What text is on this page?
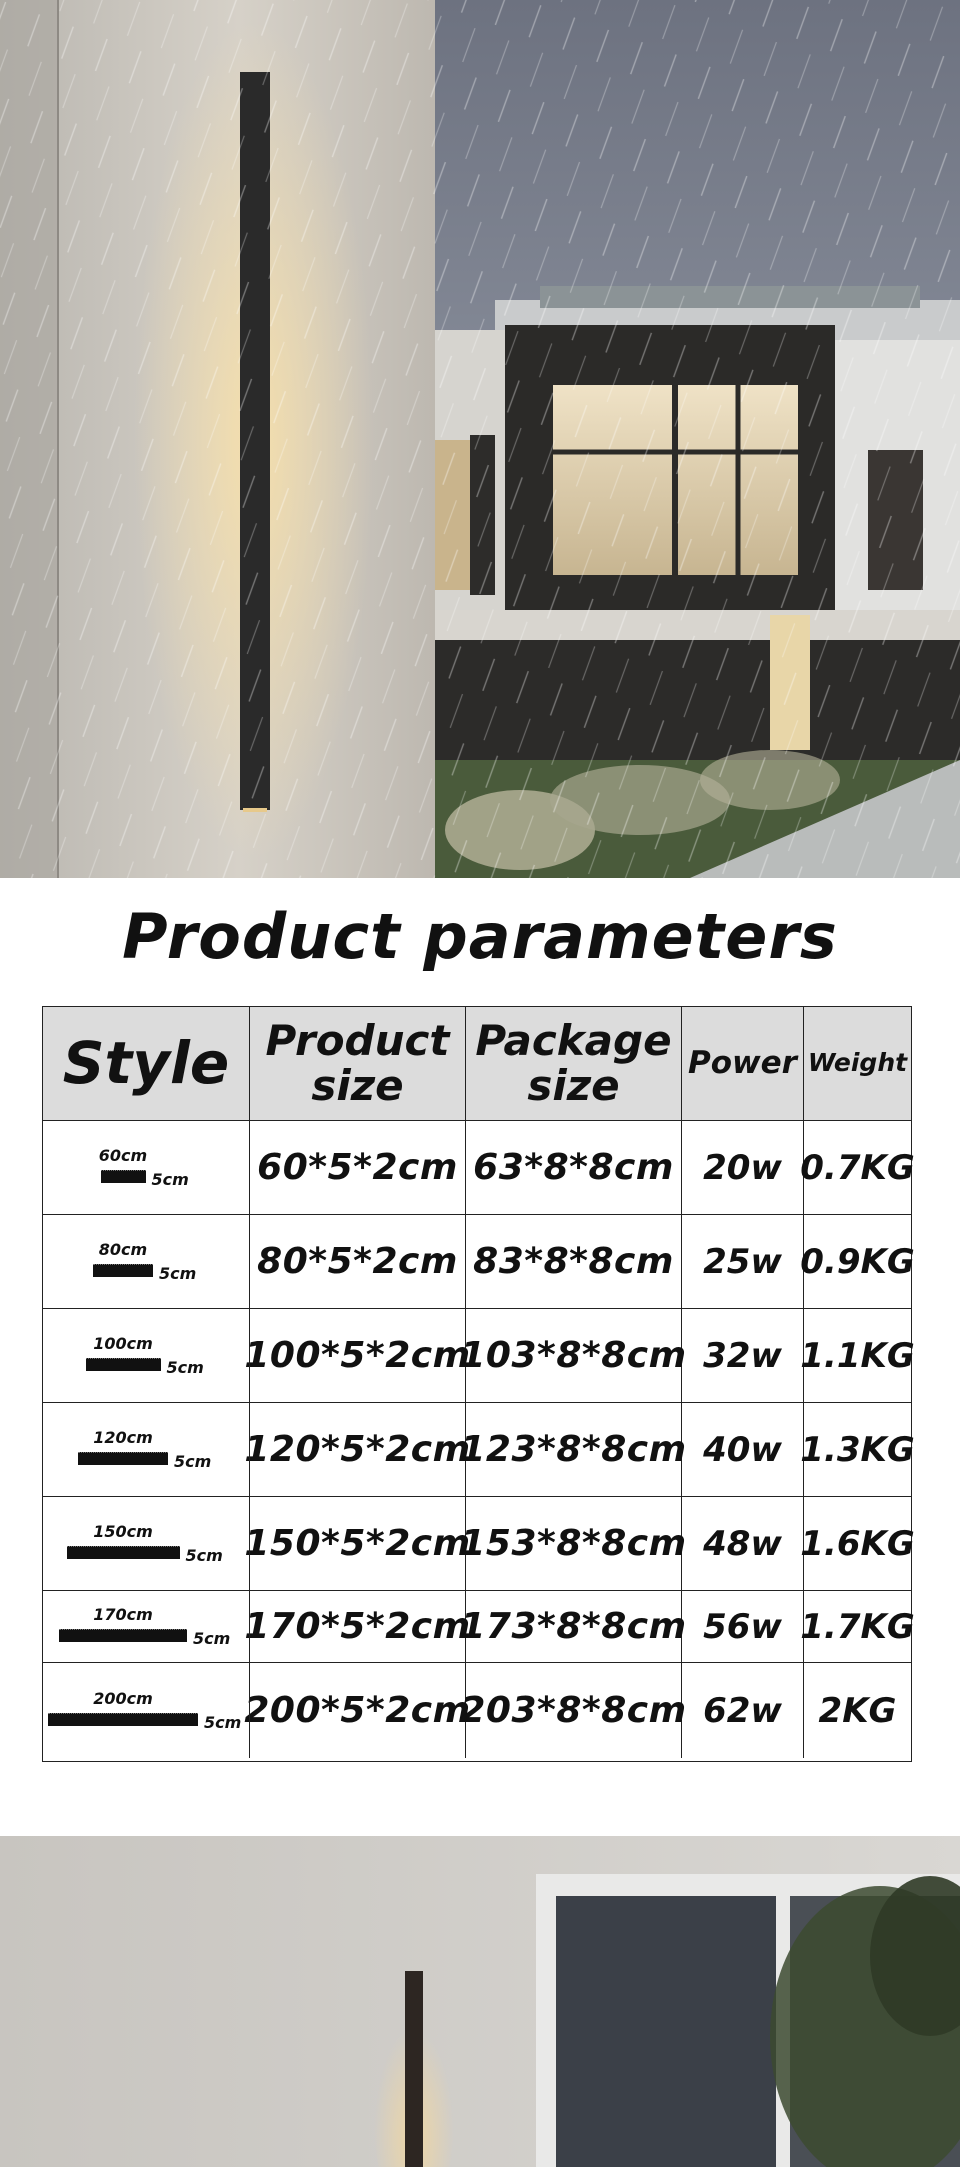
Product parameters
Style Product size
Package size	Power Weight
60cm
5cm 60*5*2cm 63*8*8cm 20w 0.7KG
80cm
5cm 80*5*2cm 83*8*8cm 25w 0.9KG
100cm
5cm 100*5*2cm
103*8*8cm 32w 1.1KG
120cm
5cm 120*5*2cm
123*8*8cm 40w 1.3KG
150cm
5cm 150*5*2cm
153*8*8cm 48w 1.6KG
170cm
5cm 170*5*2cm
173*8*8cm 56w 1.7KG
200cm
5cm 200*5*2cm
203*8*8cm 62w	2KG
